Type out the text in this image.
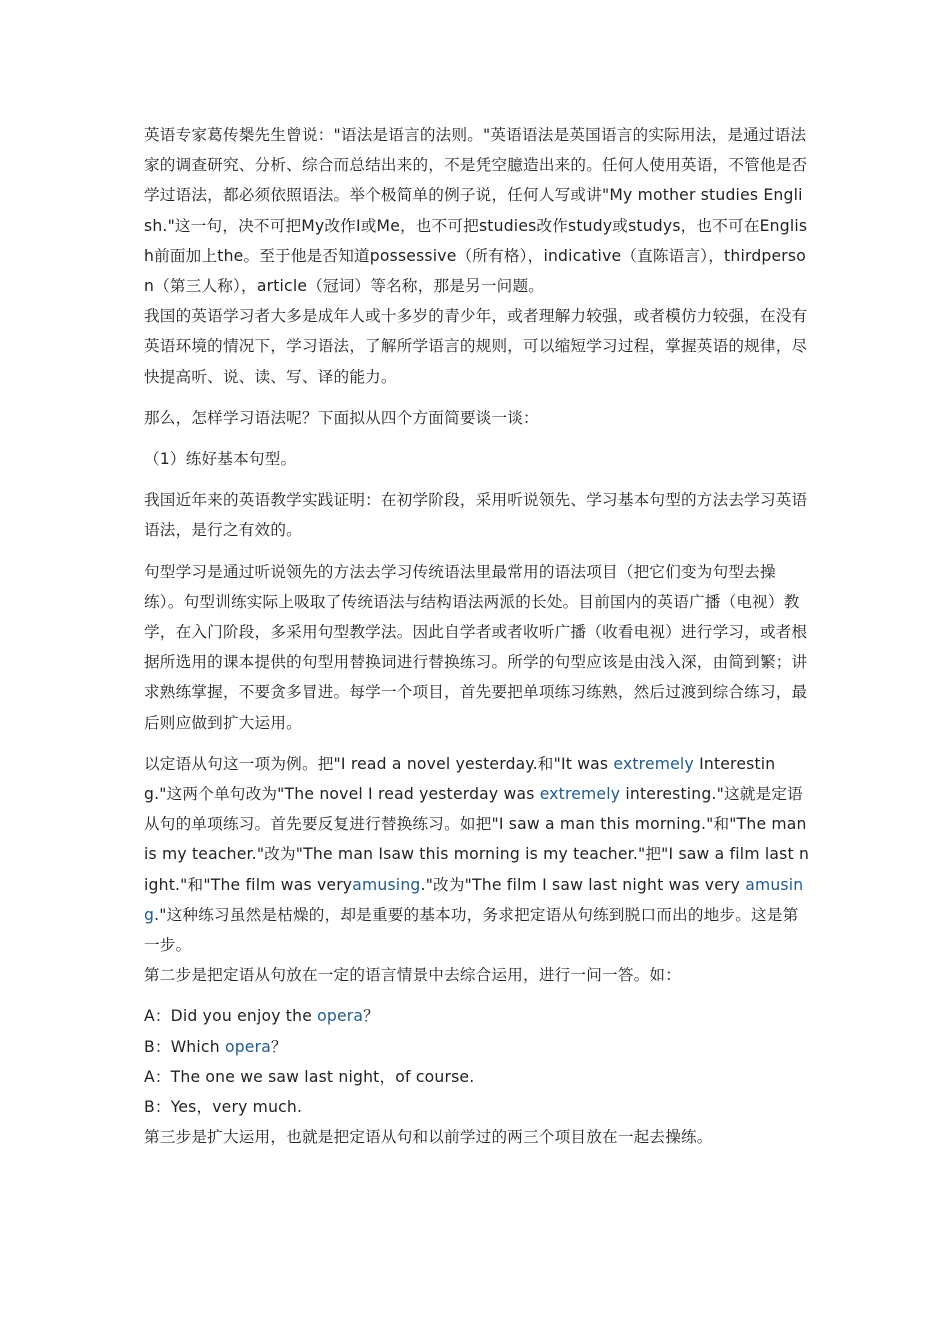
英语专家葛传椝先生曾说："语法是语言的法则。"英语语法是英国语言的实际用法，是通过语法家的调查研究、分析、综合而总结出来的，不是凭空臆造出来的。任何人使用英语，不管他是否学过语法，都必须依照语法。举个极简单的例子说，任何人写或讲"My mother studies English."这一句，决不可把My改作I或Me，也不可把studies改作study或studys，也不可在English前面加上the。至于他是否知道possessive（所有格），indicative（直陈语言），thirdperson（第三人称），article（冠词）等名称，那是另一问题。

我国的英语学习者大多是成年人或十多岁的青少年，或者理解力较强，或者模仿力较强，在没有英语环境的情况下，学习语法，了解所学语言的规则，可以缩短学习过程，掌握英语的规律，尽快提高听、说、读、写、译的能力。

那么，怎样学习语法呢？下面拟从四个方面简要谈一谈：

（1）练好基本句型。

我国近年来的英语教学实践证明：在初学阶段，采用听说领先、学习基本句型的方法去学习英语语法，是行之有效的。

句型学习是通过听说领先的方法去学习传统语法里最常用的语法项目（把它们变为句型去操练）。句型训练实际上吸取了传统语法与结构语法两派的长处。目前国内的英语广播（电视）教学，在入门阶段，多采用句型教学法。因此自学者或者收听广播（收看电视）进行学习，或者根据所选用的课本提供的句型用替换词进行替换练习。所学的句型应该是由浅入深，由简到繁；讲求熟练掌握，不要贪多冒进。每学一个项目，首先要把单项练习练熟，然后过渡到综合练习，最后则应做到扩大运用。

以定语从句这一项为例。把"I read a novel yesterday.和"It was extremely Interesting."这两个单句改为"The novel I read yesterday was extremely interesting."这就是定语从句的单项练习。首先要反复进行替换练习。如把"I saw a man this morning."和"The man is my teacher."改为"The man Isaw this morning is my teacher."把"I saw a film last night."和"The film was veryamusing."改为"The film I saw last night was very amusing."这种练习虽然是枯燥的，却是重要的基本功，务求把定语从句练到脱口而出的地步。这是第一步。

第二步是把定语从句放在一定的语言情景中去综合运用，进行一问一答。如：

A：Did you enjoy the opera？

B：Which opera？

A：The one we saw last night，of course.

B：Yes，very much.

第三步是扩大运用，也就是把定语从句和以前学过的两三个项目放在一起去操练。
